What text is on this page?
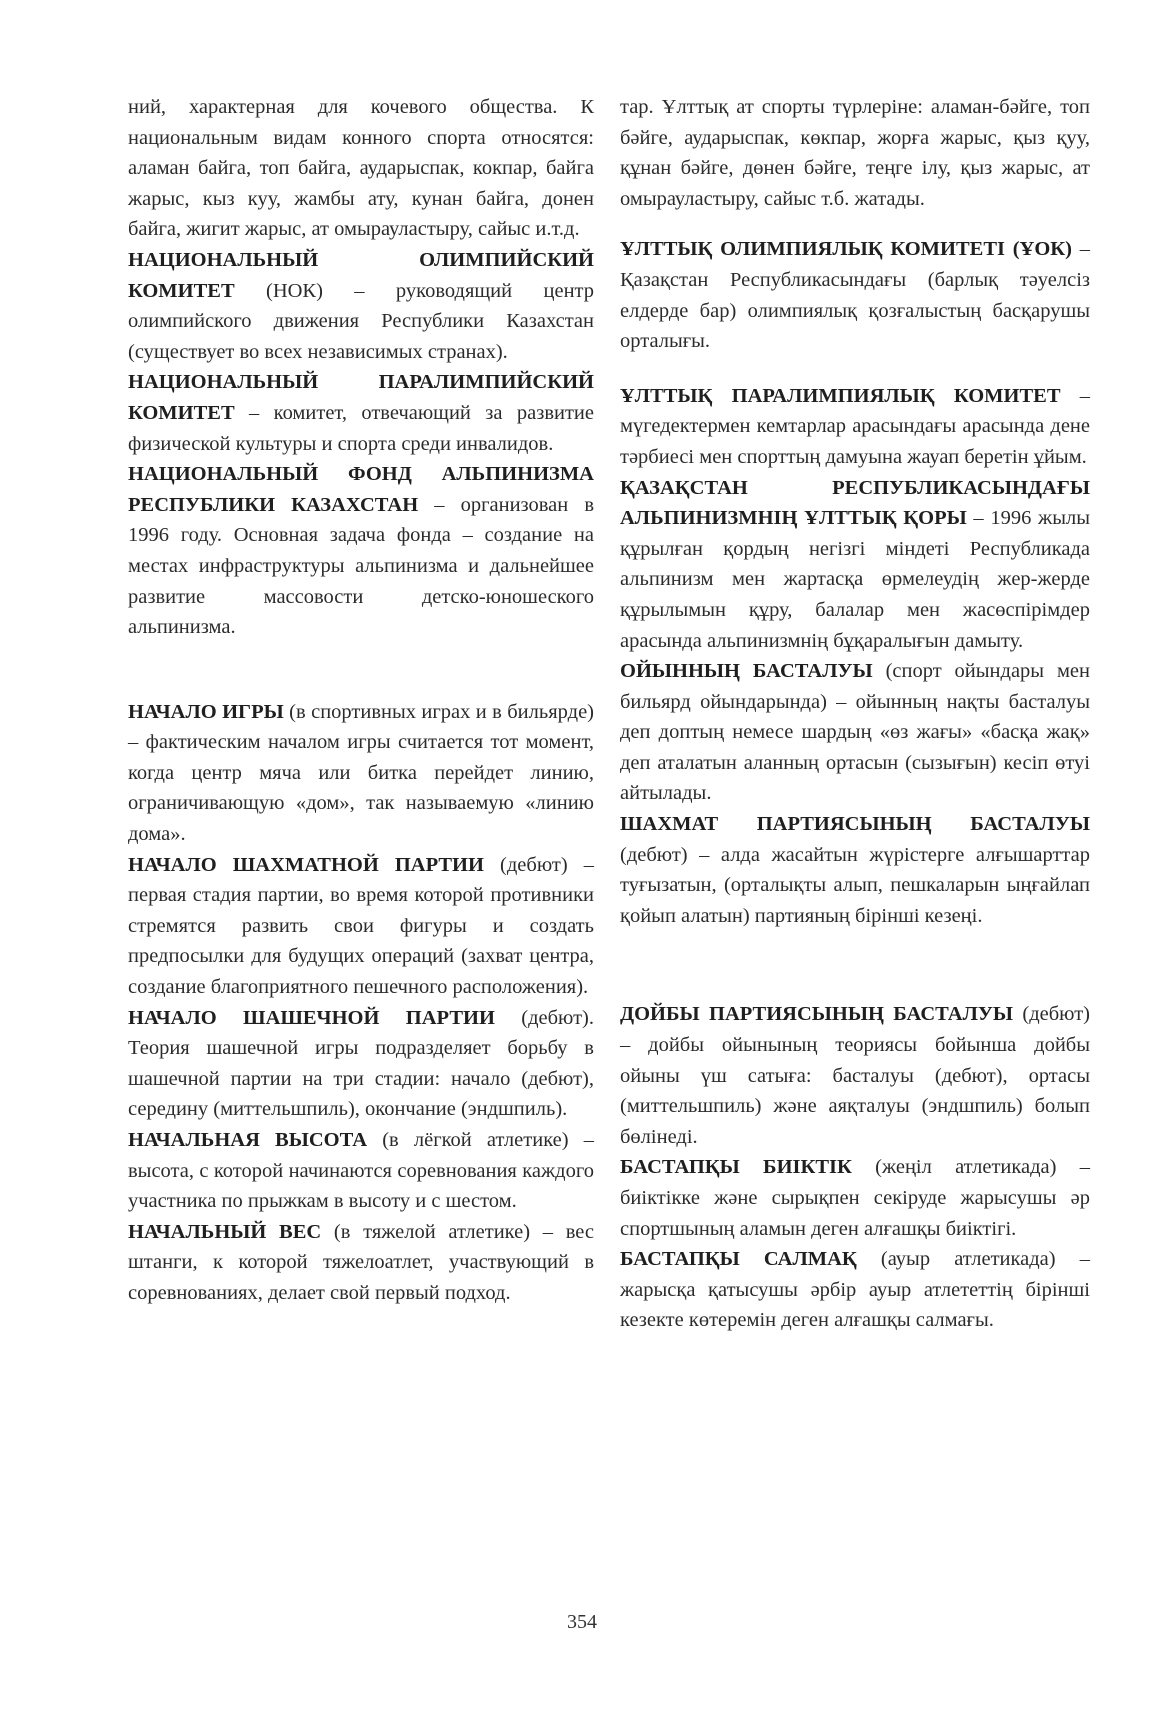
ний, характерная для кочевого общества. К национальным видам конного спорта относятся: аламан байга, топ байга, аударыспак, кокпар, байга жарыс, кыз куу, жамбы ату, кунан байга, донен байга, жигит жарыс, ат омырауластыру, сайыс и.т.д.

НАЦИОНАЛЬНЫЙ ОЛИМПИЙСКИЙ КОМИТЕТ (НОК) – руководящий центр олимпийского движения Республики Казахстан (существует во всех независимых странах).

НАЦИОНАЛЬНЫЙ ПАРАЛИМПИЙСКИЙ КОМИТЕТ – комитет, отвечающий за развитие физической культуры и спорта среди инвалидов.

НАЦИОНАЛЬНЫЙ ФОНД АЛЬПИНИЗМА РЕСПУБЛИКИ КАЗАХСТАН – организован в 1996 году. Основная задача фонда – создание на местах инфраструктуры альпинизма и дальнейшее развитие массовости детско-юношеского альпинизма.

НАЧАЛО ИГРЫ (в спортивных играх и в бильярде) – фактическим началом игры считается тот момент, когда центр мяча или битка перейдет линию, ограничивающую «дом», так называемую «линию дома».

НАЧАЛО ШАХМАТНОЙ ПАРТИИ (дебют) – первая стадия партии, во время которой противники стремятся развить свои фигуры и создать предпосылки для будущих операций (захват центра, создание благоприятного пешечного расположения).

НАЧАЛО ШАШЕЧНОЙ ПАРТИИ (дебют). Теория шашечной игры подразделяет борьбу в шашечной партии на три стадии: начало (дебют), середину (миттельшпиль), окончание (эндшпиль).

НАЧАЛЬНАЯ ВЫСОТА (в лёгкой атлетике) – высота, с которой начинаются соревнования каждого участника по прыжкам в высоту и с шестом.

НАЧАЛЬНЫЙ ВЕС (в тяжелой атлетике) – вес штанги, к которой тяжелоатлет, участвующий в соревнованиях, делает свой первый подход.

тар. Ұлттық ат спорты түрлеріне: аламан-бәйге, топ бәйге, аударыспак, көкпар, жорға жарыс, қыз қуу, құнан бәйге, дөнен бәйге, теңге ілу, қыз жарыс, ат омырауластыру, сайыс т.б. жатады.

ҰЛТТЫҚ ОЛИМПИЯЛЫҚ КОМИТЕТІ (ҰОК) – Қазақстан Республикасындағы (барлық тәуелсіз елдерде бар) олимпиялық қозғалыстың басқарушы орталығы.

ҰЛТТЫҚ ПАРАЛИМПИЯЛЫҚ КОМИТЕТ – мүгедектермен кемтарлар арасындағы арасында дене тәрбиесі мен спорттың дамуына жауап беретін ұйым.

ҚАЗАҚСТАН РЕСПУБЛИКАСЫНДАҒЫ АЛЬПИНИЗМНІҢ ҰЛТТЫҚ ҚОРЫ – 1996 жылы құрылған қордың негізгі міндеті Республикада альпинизм мен жартасқа өрмелеудің жер-жерде құрылымын құру, балалар мен жасөспірімдер арасында альпинизмнің бұқаралығын дамыту.

ОЙЫННЫҢ БАСТАЛУЫ (спорт ойындары мен бильярд ойындарында) – ойынның нақты басталуы деп доптың немесе шардың «өз жағы» «басқа жақ» деп аталатын аланның ортасын (сызығын) кесіп өтуі айтылады.

ШАХМАТ ПАРТИЯСЫНЫҢ БАСТАЛУЫ (дебют) – алда жасайтын жүрістерге алғышарттар туғызатын, (орталықты алып, пешкаларын ыңғайлап қойып алатын) партияның бірінші кезеңі.

ДОЙБЫ ПАРТИЯСЫНЫҢ БАСТАЛУЫ (дебют) – дойбы ойынының теориясы бойынша дойбы ойыны үш сатыға: басталуы (дебют), ортасы (миттельшпиль) және аяқталуы (эндшпиль) болып бөлінеді.

БАСТАПҚЫ БИІКТІК (жеңіл атлетикада) – биіктікке және сырықпен секіруде жарысушы әр спортшының аламын деген алғашқы биіктігі.

БАСТАПҚЫ САЛМАҚ (ауыр атлетикада) – жарысқа қатысушы әрбір ауыр атлететтің бірінші кезекте көтеремін деген алғашқы салмағы.

354
